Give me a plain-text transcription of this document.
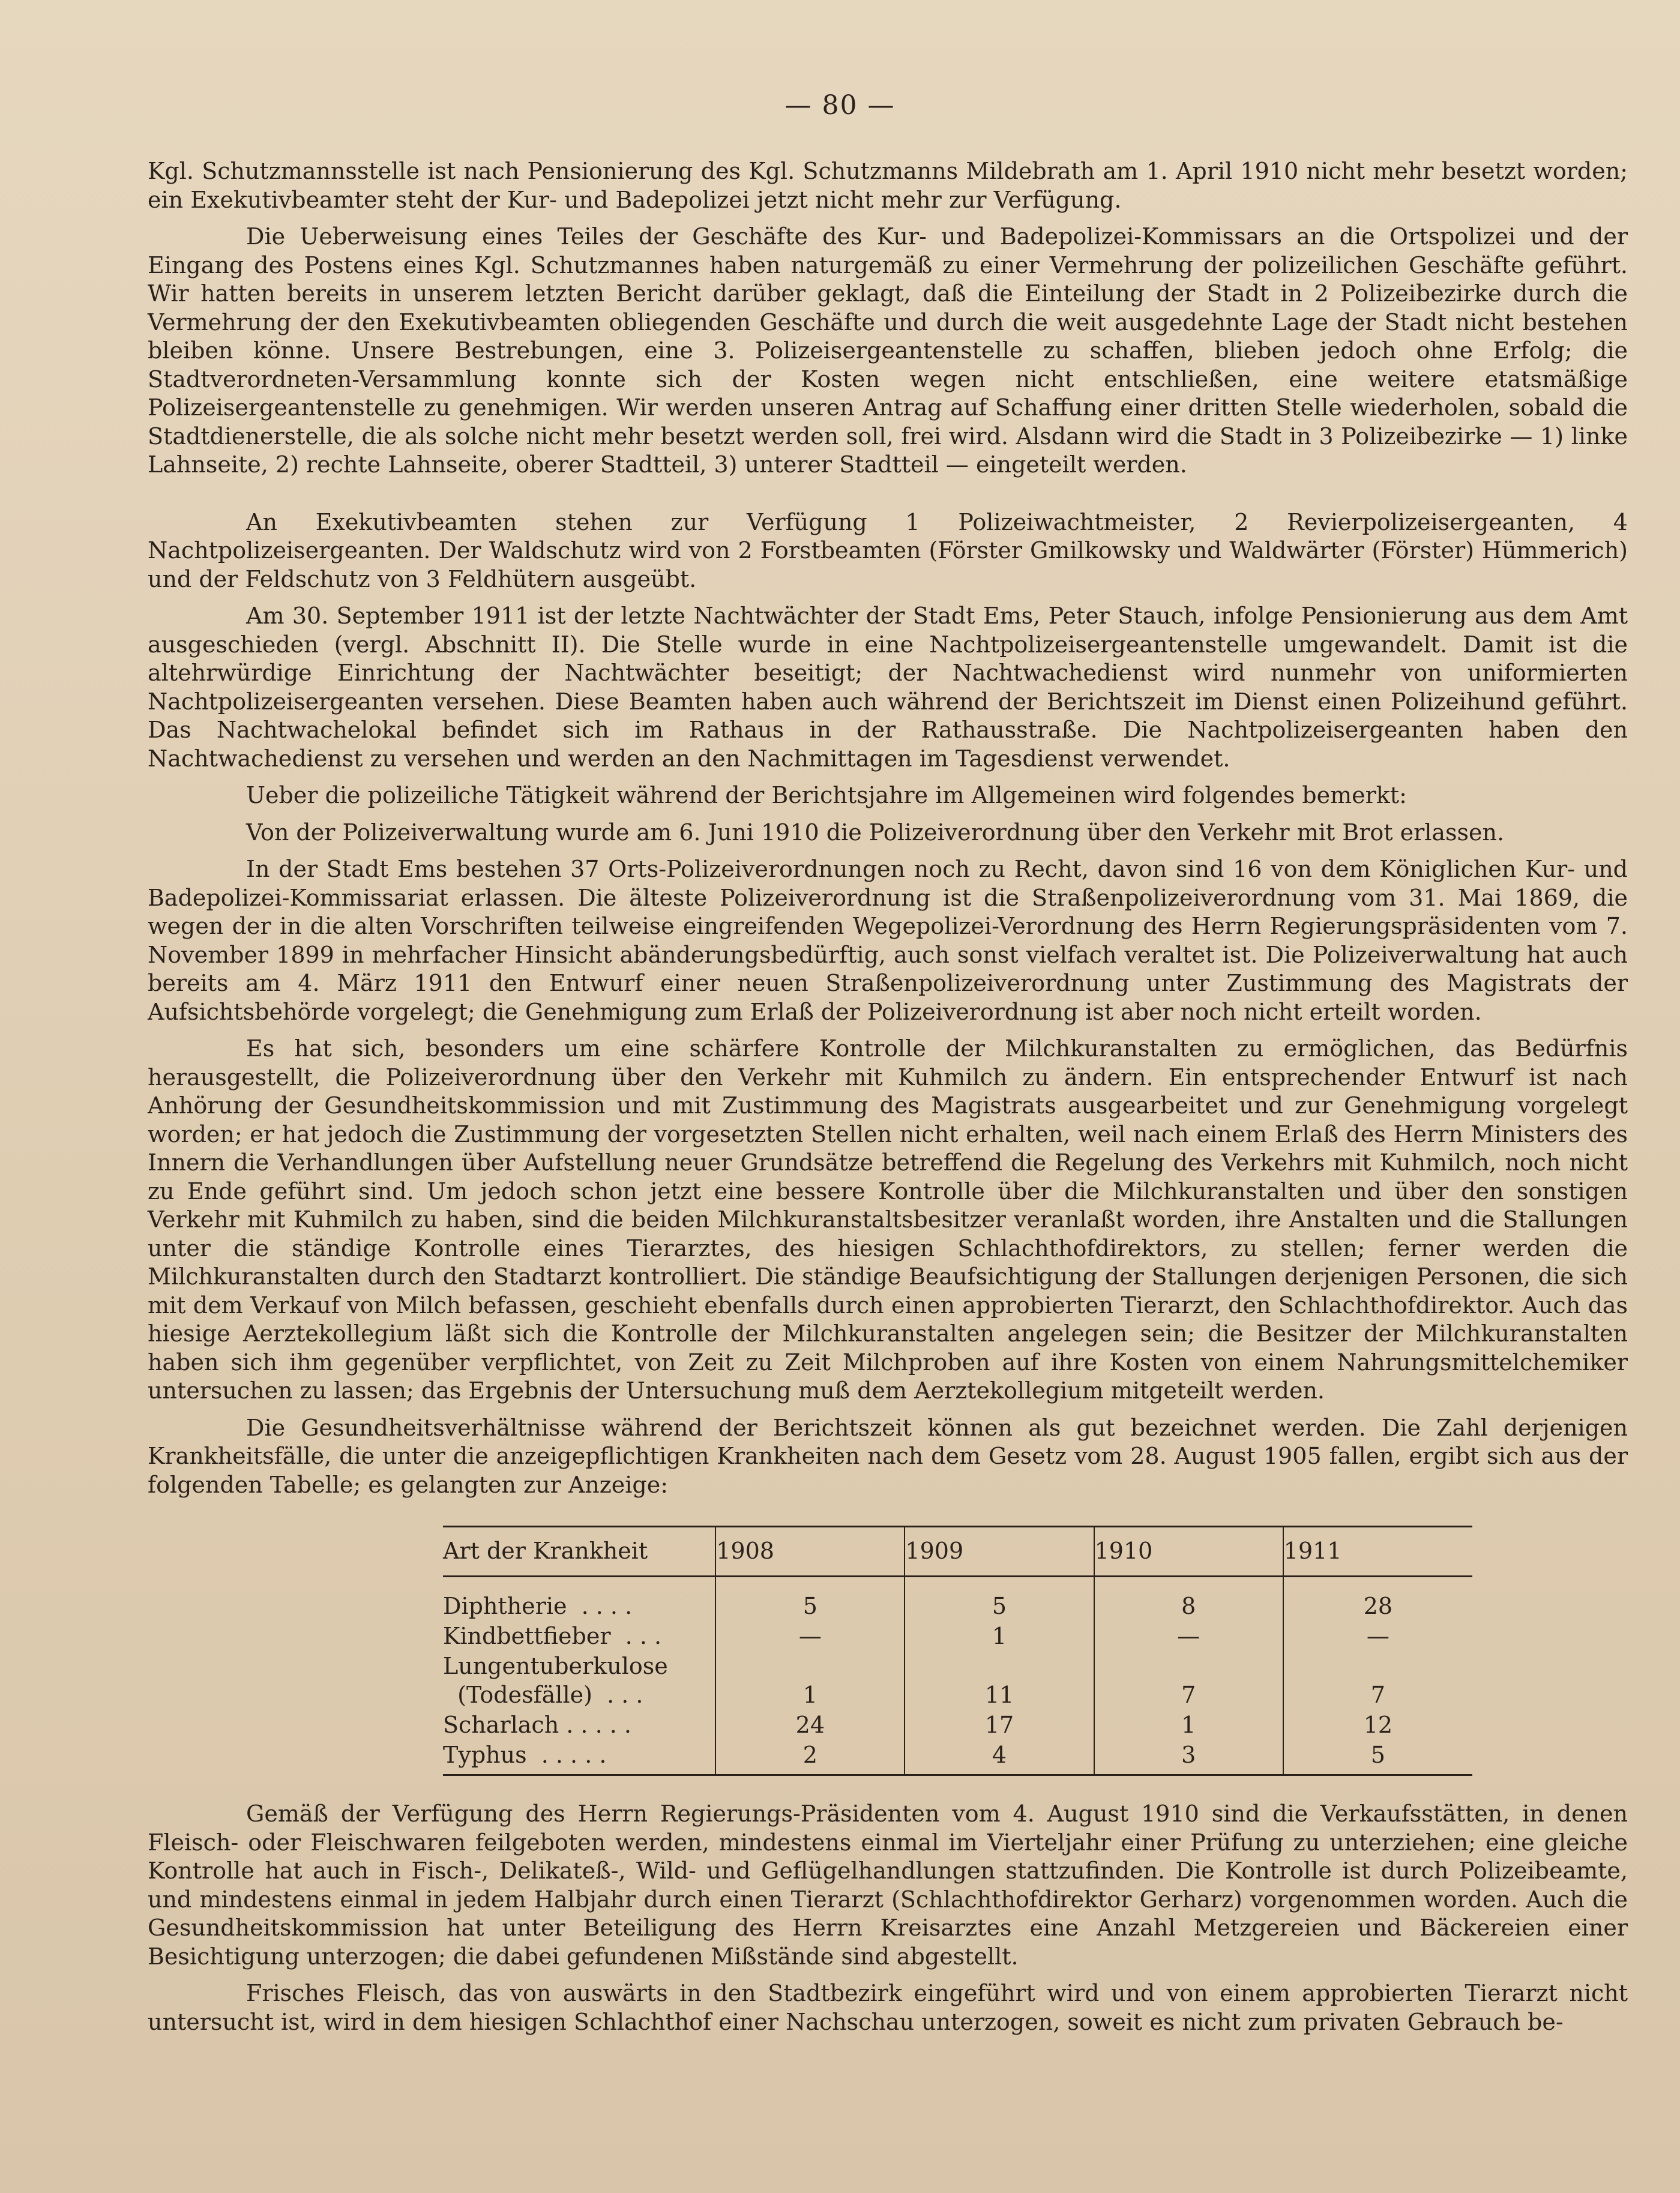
— 80 —

Kgl. Schutzmannsstelle ist nach Pensionierung des Kgl. Schutzmanns Mildebrath am 1. April 1910 nicht mehr besetzt worden; ein Exekutivbeamter steht der Kur- und Badepolizei jetzt nicht mehr zur Verfügung.

Die Ueberweisung eines Teiles der Geschäfte des Kur- und Badepolizei-Kommissars an die Ortspolizei und der Eingang des Postens eines Kgl. Schutzmannes haben naturgemäß zu einer Vermehrung der polizeilichen Geschäfte geführt. Wir hatten bereits in unserem letzten Bericht darüber geklagt, daß die Einteilung der Stadt in 2 Polizeibezirke durch die Vermehrung der den Exekutivbeamten obliegenden Geschäfte und durch die weit ausgedehnte Lage der Stadt nicht bestehen bleiben könne. Unsere Bestrebungen, eine 3. Polizeisergeantenstelle zu schaffen, blieben jedoch ohne Erfolg; die Stadtverordneten-Versammlung konnte sich der Kosten wegen nicht entschließen, eine weitere etatsmäßige Polizeisergeantenstelle zu genehmigen. Wir werden unseren Antrag auf Schaffung einer dritten Stelle wiederholen, sobald die Stadtdienerstelle, die als solche nicht mehr besetzt werden soll, frei wird. Alsdann wird die Stadt in 3 Polizeibezirke — 1) linke Lahnseite, 2) rechte Lahnseite, oberer Stadtteil, 3) unterer Stadtteil — eingeteilt werden.

An Exekutivbeamten stehen zur Verfügung 1 Polizeiwachtmeister, 2 Revierpolizeisergeanten, 4 Nachtpolizeisergeanten. Der Waldschutz wird von 2 Forstbeamten (Förster Gmilkowsky und Waldwärter (Förster) Hümmerich) und der Feldschutz von 3 Feldhütern ausgeübt.

Am 30. September 1911 ist der letzte Nachtwächter der Stadt Ems, Peter Stauch, infolge Pensionierung aus dem Amt ausgeschieden (vergl. Abschnitt II). Die Stelle wurde in eine Nachtpolizeisergeantenstelle umgewandelt. Damit ist die altehrwürdige Einrichtung der Nachtwächter beseitigt; der Nachtwachedienst wird nunmehr von uniformierten Nachtpolizeisergeanten versehen. Diese Beamten haben auch während der Berichtszeit im Dienst einen Polizeihund geführt. Das Nachtwachelokal befindet sich im Rathaus in der Rathausstraße. Die Nachtpolizeisergeanten haben den Nachtwachedienst zu versehen und werden an den Nachmittagen im Tagesdienst verwendet.

Ueber die polizeiliche Tätigkeit während der Berichtsjahre im Allgemeinen wird folgendes bemerkt:

Von der Polizeiverwaltung wurde am 6. Juni 1910 die Polizeiverordnung über den Verkehr mit Brot erlassen.

In der Stadt Ems bestehen 37 Orts-Polizeiverordnungen noch zu Recht, davon sind 16 von dem Königlichen Kur- und Badepolizei-Kommissariat erlassen. Die älteste Polizeiverordnung ist die Straßenpolizeiverordnung vom 31. Mai 1869, die wegen der in die alten Vorschriften teilweise eingreifenden Wegepolizei-Verordnung des Herrn Regierungspräsidenten vom 7. November 1899 in mehrfacher Hinsicht abänderungsbedürftig, auch sonst vielfach veraltet ist. Die Polizeiverwaltung hat auch bereits am 4. März 1911 den Entwurf einer neuen Straßenpolizeiverordnung unter Zustimmung des Magistrats der Aufsichtsbehörde vorgelegt; die Genehmigung zum Erlaß der Polizeiverordnung ist aber noch nicht erteilt worden.

Es hat sich, besonders um eine schärfere Kontrolle der Milchkuranstalten zu ermöglichen, das Bedürfnis herausgestellt, die Polizeiverordnung über den Verkehr mit Kuhmilch zu ändern. Ein entsprechender Entwurf ist nach Anhörung der Gesundheitskommission und mit Zustimmung des Magistrats ausgearbeitet und zur Genehmigung vorgelegt worden; er hat jedoch die Zustimmung der vorgesetzten Stellen nicht erhalten, weil nach einem Erlaß des Herrn Ministers des Innern die Verhandlungen über Aufstellung neuer Grundsätze betreffend die Regelung des Verkehrs mit Kuhmilch, noch nicht zu Ende geführt sind. Um jedoch schon jetzt eine bessere Kontrolle über die Milchkuranstalten und über den sonstigen Verkehr mit Kuhmilch zu haben, sind die beiden Milchkuranstaltsbesitzer veranlaßt worden, ihre Anstalten und die Stallungen unter die ständige Kontrolle eines Tierarztes, des hiesigen Schlachthofdirektors, zu stellen; ferner werden die Milchkuranstalten durch den Stadtarzt kontrolliert. Die ständige Beaufsichtigung der Stallungen derjenigen Personen, die sich mit dem Verkauf von Milch befassen, geschieht ebenfalls durch einen approbierten Tierarzt, den Schlachthofdirektor. Auch das hiesige Aerztekollegium läßt sich die Kontrolle der Milchkuranstalten angelegen sein; die Besitzer der Milchkuranstalten haben sich ihm gegenüber verpflichtet, von Zeit zu Zeit Milchproben auf ihre Kosten von einem Nahrungsmittelchemiker untersuchen zu lassen; das Ergebnis der Untersuchung muß dem Aerztekollegium mitgeteilt werden.

Die Gesundheitsverhältnisse während der Berichtszeit können als gut bezeichnet werden. Die Zahl derjenigen Krankheitsfälle, die unter die anzeigepflichtigen Krankheiten nach dem Gesetz vom 28. August 1905 fallen, ergibt sich aus der folgenden Tabelle; es gelangten zur Anzeige:

Art der Krankheit	1908	1909	1910	1911
Diphtherie  . . . .	5	5	8	28
Kindbettfieber  . . .	—	1	—	—
Lungentuberkulose
(Todesfälle)  . . .	1	11	7	7
Scharlach . . . . .	24	17	1	12
Typhus  . . . . .	2	4	3	5

Gemäß der Verfügung des Herrn Regierungs-Präsidenten vom 4. August 1910 sind die Verkaufsstätten, in denen Fleisch- oder Fleischwaren feilgeboten werden, mindestens einmal im Vierteljahr einer Prüfung zu unterziehen; eine gleiche Kontrolle hat auch in Fisch-, Delikateß-, Wild- und Geflügelhandlungen stattzufinden. Die Kontrolle ist durch Polizeibeamte, und mindestens einmal in jedem Halbjahr durch einen Tierarzt (Schlachthofdirektor Gerharz) vorgenommen worden. Auch die Gesundheitskommission hat unter Beteiligung des Herrn Kreisarztes eine Anzahl Metzgereien und Bäckereien einer Besichtigung unterzogen; die dabei gefundenen Mißstände sind abgestellt.

Frisches Fleisch, das von auswärts in den Stadtbezirk eingeführt wird und von einem approbierten Tierarzt nicht untersucht ist, wird in dem hiesigen Schlachthof einer Nachschau unterzogen, soweit es nicht zum privaten Gebrauch be-
